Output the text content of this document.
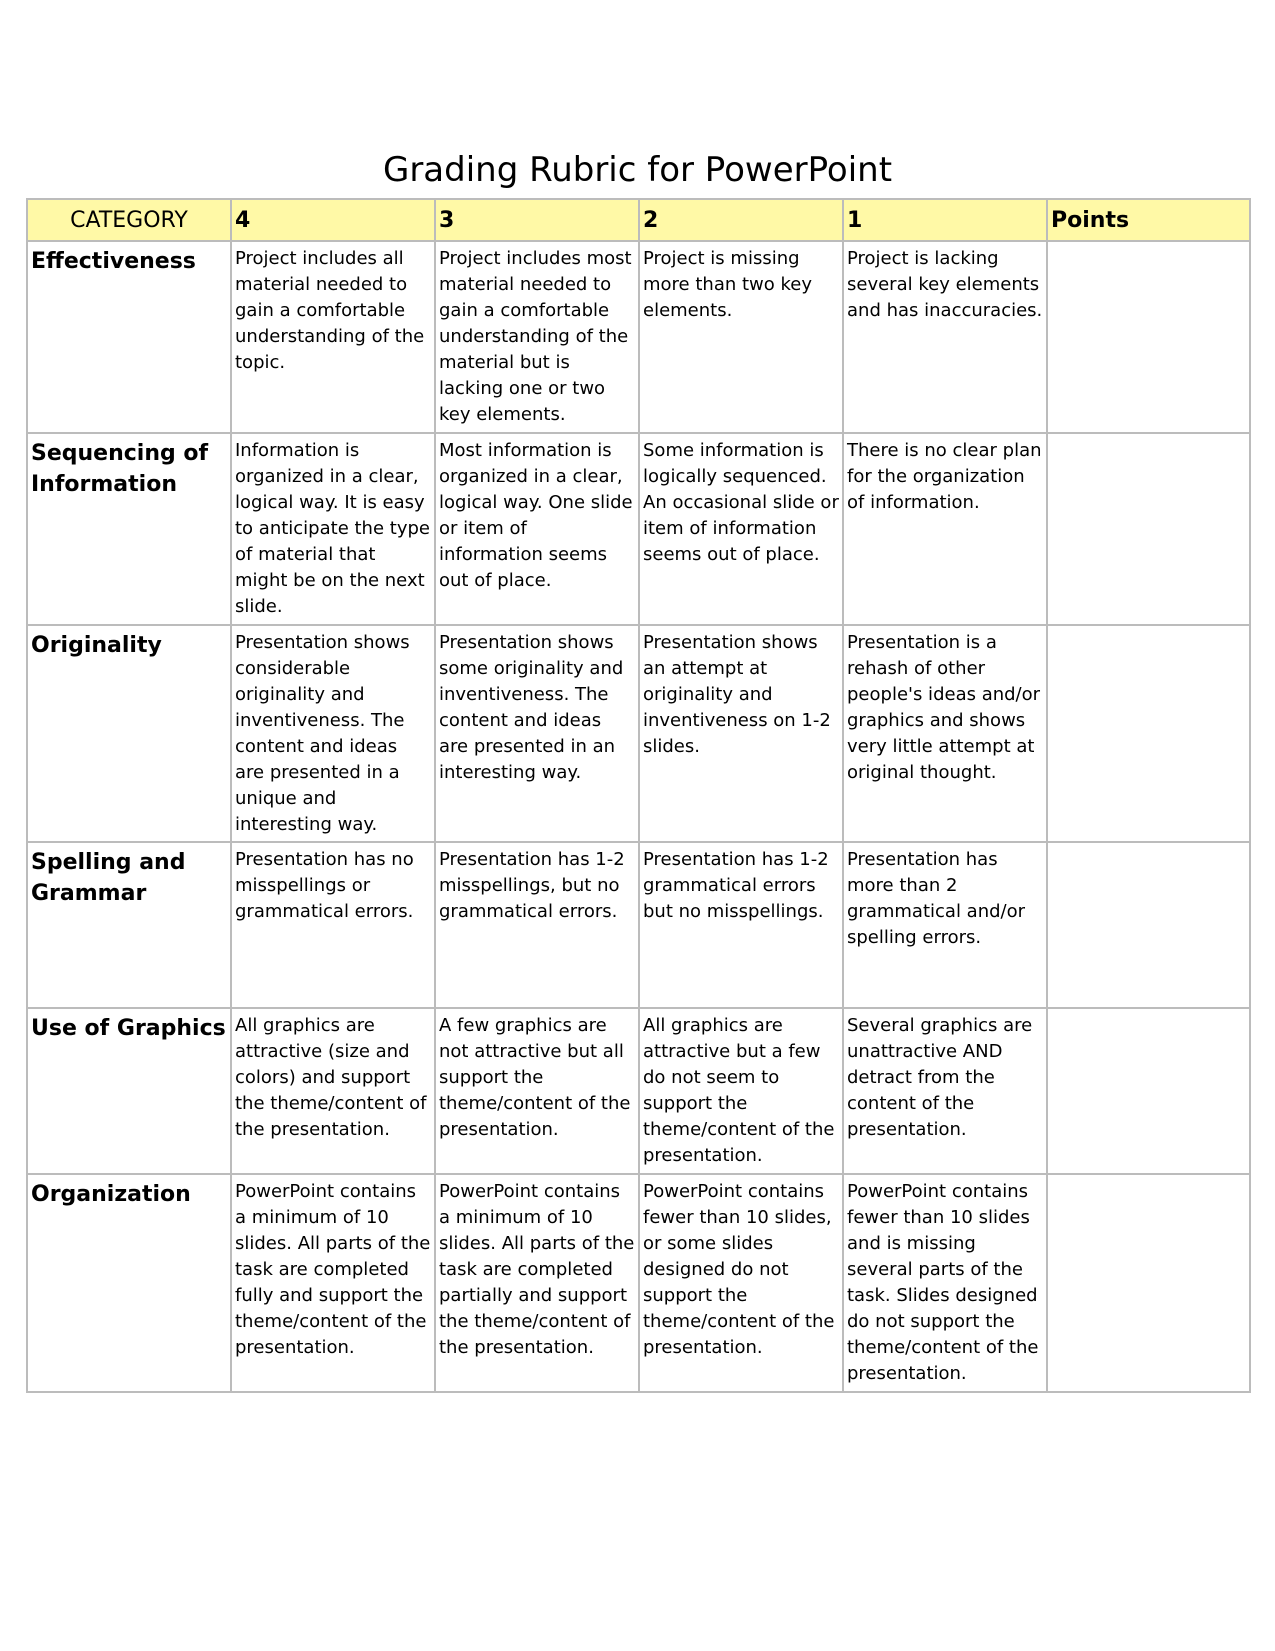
Grading Rubric for PowerPoint
CATEGORY	4	3	2	1	Points
Effectiveness	Project includes all material needed to gain a comfortable understanding of the topic.	Project includes most material needed to gain a comfortable understanding of the material but is lacking one or two key elements.	Project is missing more than two key elements.	Project is lacking several key elements and has inaccuracies.	
Sequencing of Information	Information is organized in a clear, logical way. It is easy to anticipate the type of material that might be on the next slide.	Most information is organized in a clear, logical way. One slide or item of information seems out of place.	Some information is logically sequenced. An occasional slide or item of information seems out of place.	There is no clear plan for the organization of information.	
Originality	Presentation shows considerable originality and inventiveness. The content and ideas are presented in a unique and interesting way.	Presentation shows some originality and inventiveness. The content and ideas are presented in an interesting way.	Presentation shows an attempt at originality and inventiveness on 1-2 slides.	Presentation is a rehash of other people's ideas and/or graphics and shows very little attempt at original thought.	
Spelling and Grammar	Presentation has no misspellings or grammatical errors.	Presentation has 1-2 misspellings, but no grammatical errors.	Presentation has 1-2 grammatical errors but no misspellings.	Presentation has more than 2 grammatical and/or spelling errors.	
Use of Graphics	All graphics are attractive (size and colors) and support the theme/content of the presentation.	A few graphics are not attractive but all support the theme/content of the presentation.	All graphics are attractive but a few do not seem to support the theme/content of the presentation.	Several graphics are unattractive AND detract from the content of the presentation.	
Organization	PowerPoint contains a minimum of 10 slides. All parts of the task are completed fully and support the theme/content of the presentation.	PowerPoint contains a minimum of 10 slides. All parts of the task are completed partially and support the theme/content of the presentation.	PowerPoint contains fewer than 10 slides, or some slides designed do not support the theme/content of the presentation.	PowerPoint contains fewer than 10 slides and is missing several parts of the task. Slides designed do not support the theme/content of the presentation.	
